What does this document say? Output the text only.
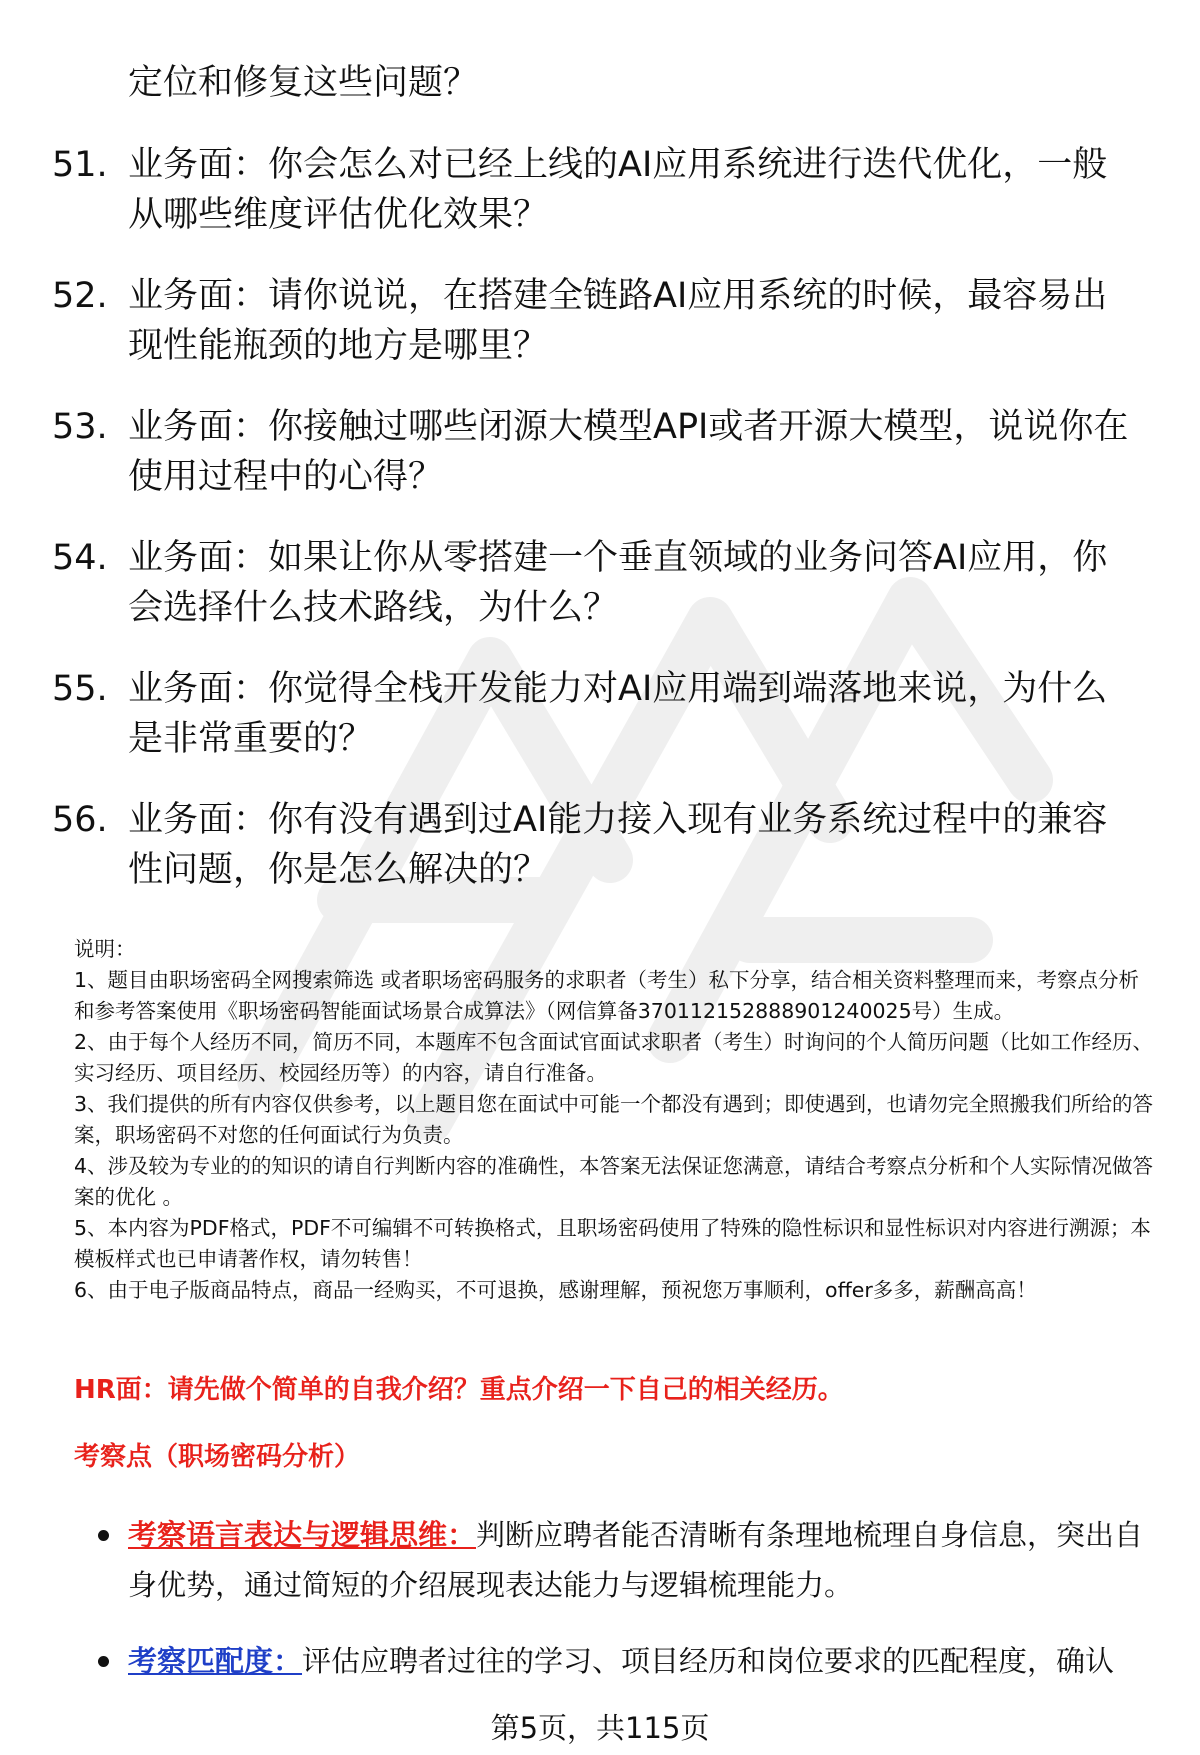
定位和修复这些问题？
51. 业务面：你会怎么对已经上线的AI应用系统进行迭代优化，一般从哪些维度评估优化效果？
52. 业务面：请你说说，在搭建全链路AI应用系统的时候，最容易出现性能瓶颈的地方是哪里？
53. 业务面：你接触过哪些闭源大模型API或者开源大模型，说说你在使用过程中的心得？
54. 业务面：如果让你从零搭建一个垂直领域的业务问答AI应用，你会选择什么技术路线，为什么？
55. 业务面：你觉得全栈开发能力对AI应用端到端落地来说，为什么是非常重要的？
56. 业务面：你有没有遇到过AI能力接入现有业务系统过程中的兼容性问题，你是怎么解决的？

说明：

1、题目由职场密码全网搜索筛选 或者职场密码服务的求职者（考生）私下分享，结合相关资料整理而来，考察点分析和参考答案使用《职场密码智能面试场景合成算法》（网信算备370112152888901240025号）生成。

2、由于每个人经历不同，简历不同，本题库不包含面试官面试求职者（考生）时询问的个人简历问题（比如工作经历、实习经历、项目经历、校园经历等）的内容，请自行准备。

3、我们提供的所有内容仅供参考，以上题目您在面试中可能一个都没有遇到；即使遇到，也请勿完全照搬我们所给的答案，职场密码不对您的任何面试行为负责。

4、涉及较为专业的的知识的请自行判断内容的准确性，本答案无法保证您满意，请结合考察点分析和个人实际情况做答案的优化 。

5、本内容为PDF格式，PDF不可编辑不可转换格式，且职场密码使用了特殊的隐性标识和显性标识对内容进行溯源；本模板样式也已申请著作权，请勿转售！

6、由于电子版商品特点，商品一经购买，不可退换，感谢理解，预祝您万事顺利，offer多多，薪酬高高！

HR面：请先做个简单的自我介绍？重点介绍一下自己的相关经历。
考察点（职场密码分析）
考察语言表达与逻辑思维：判断应聘者能否清晰有条理地梳理自身信息，突出自身优势，通过简短的介绍展现表达能力与逻辑梳理能力。
考察匹配度：评估应聘者过往的学习、项目经历和岗位要求的匹配程度，确认
第5页，共115页
